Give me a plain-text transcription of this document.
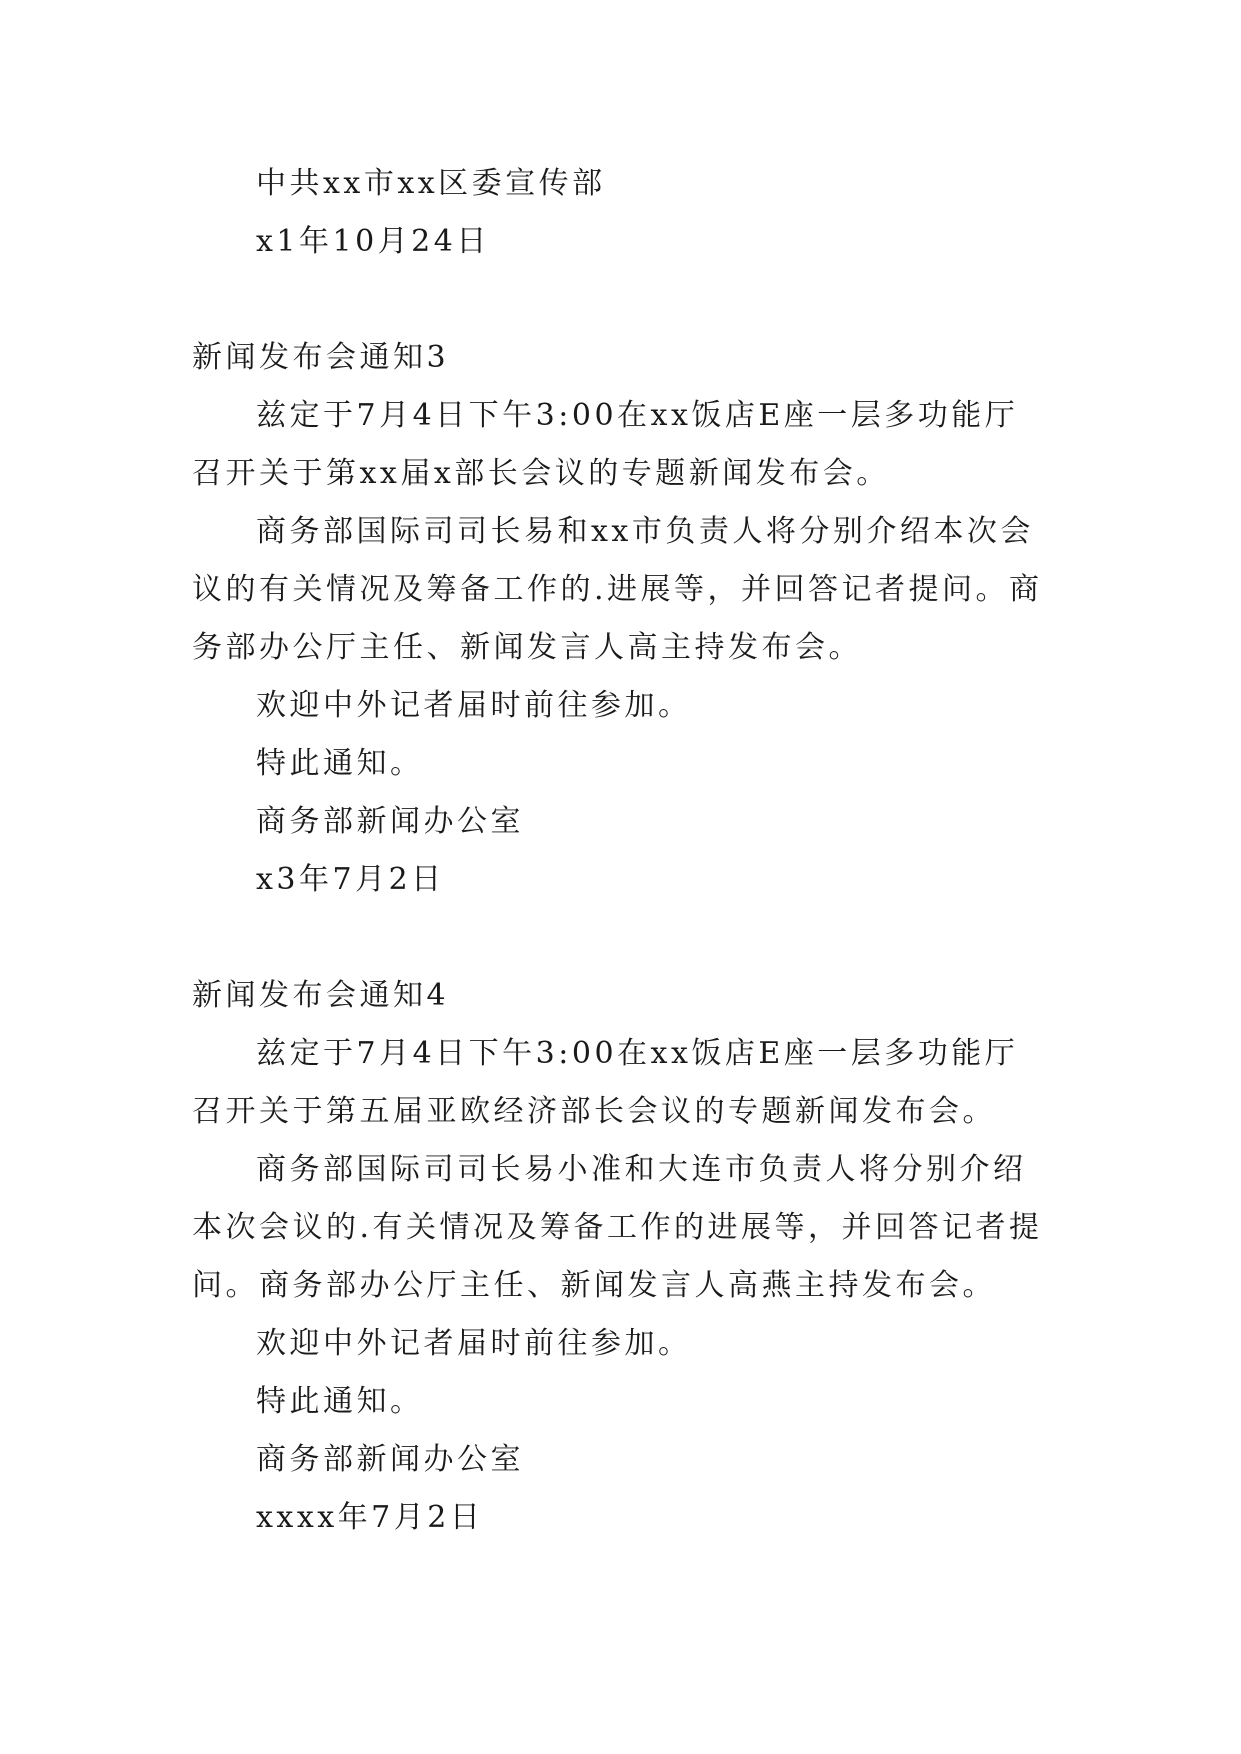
中共xx市xx区委宣传部
x1年10月24日
新闻发布会通知3
兹定于7月4日下午3:00在xx饭店E座一层多功能厅
召开关于第xx届x部长会议的专题新闻发布会。
商务部国际司司长易和xx市负责人将分别介绍本次会
议的有关情况及筹备工作的.进展等，并回答记者提问。商
务部办公厅主任、新闻发言人高主持发布会。
欢迎中外记者届时前往参加。
特此通知。
商务部新闻办公室
x3年7月2日
新闻发布会通知4
兹定于7月4日下午3:00在xx饭店E座一层多功能厅
召开关于第五届亚欧经济部长会议的专题新闻发布会。
商务部国际司司长易小准和大连市负责人将分别介绍
本次会议的.有关情况及筹备工作的进展等，并回答记者提
问。商务部办公厅主任、新闻发言人高燕主持发布会。
欢迎中外记者届时前往参加。
特此通知。
商务部新闻办公室
xxxx年7月2日
